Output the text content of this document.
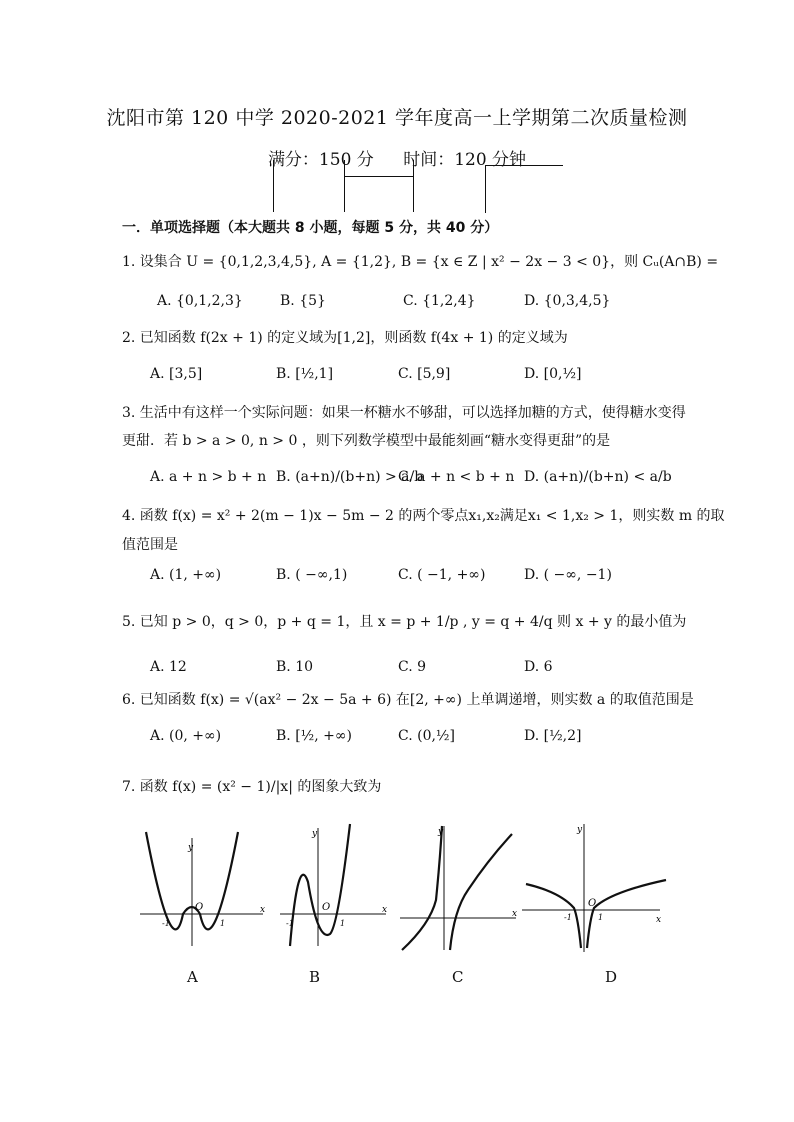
沈阳市第 120 中学 2020-2021 学年度高一上学期第二次质量检测
满分：150 分 时间：120 分钟
一．单项选择题（本大题共 8 小题，每题 5 分，共 40 分）
1. 设集合 U = {0,1,2,3,4,5}, A = {1,2}, B = {x ∈ Z | x² − 2x − 3 < 0}，则 Cᵤ(A∩B) =
A. {0,1,2,3}	B. {5}	C. {1,2,4}	D. {0,3,4,5}
2. 已知函数 f(2x + 1) 的定义域为[1,2]，则函数 f(4x + 1) 的定义域为
A. [3,5]	B. [½,1]	C. [5,9]	D. [0,½]
3. 生活中有这样一个实际问题：如果一杯糖水不够甜，可以选择加糖的方式，使得糖水变得
更甜．若 b > a > 0, n > 0 ，则下列数学模型中最能刻画“糖水变得更甜”的是
A. a + n > b + n B. (a+n)/(b+n) > a/b
C. a + n < b + n D. (a+n)/(b+n) < a/b
4. 函数 f(x) = x² + 2(m − 1)x − 5m − 2 的两个零点x₁,x₂满足x₁ < 1,x₂ > 1，则实数 m 的取
值范围是
A. (1, +∞)	B. ( −∞,1)	C. ( −1, +∞)	D. ( −∞, −1)
5. 已知 p > 0，q > 0，p + q = 1，且 x = p + 1/p , y = q + 4/q 则 x + y 的最小值为
A. 12	B. 10	C. 9	D. 6
6. 已知函数 f(x) = √(ax² − 2x − 5a + 6) 在[2, +∞) 上单调递增，则实数 a 的取值范围是
A. (0, +∞)	B. [½, +∞)	C. (0,½]	D. [½,2]
7. 函数 f(x) = (x² − 1)/|x| 的图象大致为
y
x
O
-1	1
y
x
O
-1	1
y
x
y
x
O
-1	1
A	B	C	D
